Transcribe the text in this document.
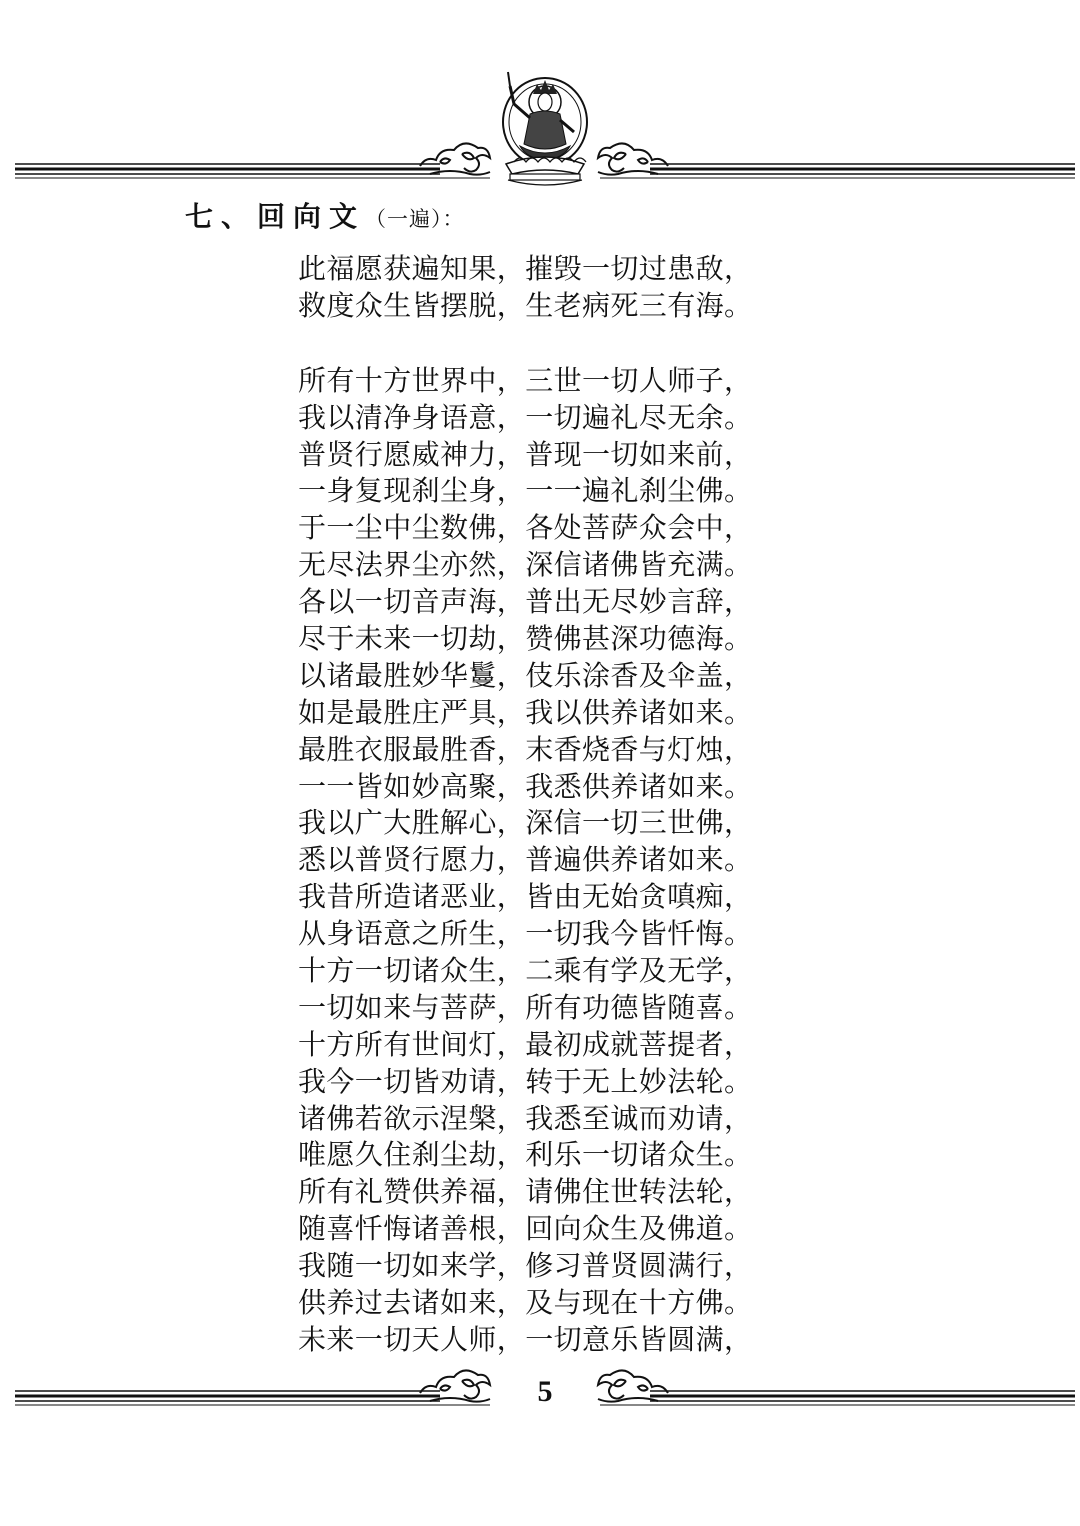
七、回向文（一遍）：
此福愿获遍知果，摧毁一切过患敌，
救度众生皆摆脱，生老病死三有海。
所有十方世界中，三世一切人师子，
我以清净身语意，一切遍礼尽无余。
普贤行愿威神力，普现一切如来前，
一身复现刹尘身，一一遍礼刹尘佛。
于一尘中尘数佛，各处菩萨众会中，
无尽法界尘亦然，深信诸佛皆充满。
各以一切音声海，普出无尽妙言辞，
尽于未来一切劫，赞佛甚深功德海。
以诸最胜妙华鬘，伎乐涂香及伞盖，
如是最胜庄严具，我以供养诸如来。
最胜衣服最胜香，末香烧香与灯烛，
一一皆如妙高聚，我悉供养诸如来。
我以广大胜解心，深信一切三世佛，
悉以普贤行愿力，普遍供养诸如来。
我昔所造诸恶业，皆由无始贪嗔痴，
从身语意之所生，一切我今皆忏悔。
十方一切诸众生，二乘有学及无学，
一切如来与菩萨，所有功德皆随喜。
十方所有世间灯，最初成就菩提者，
我今一切皆劝请，转于无上妙法轮。
诸佛若欲示涅槃，我悉至诚而劝请，
唯愿久住刹尘劫，利乐一切诸众生。
所有礼赞供养福，请佛住世转法轮，
随喜忏悔诸善根，回向众生及佛道。
我随一切如来学，修习普贤圆满行，
供养过去诸如来，及与现在十方佛。
未来一切天人师，一切意乐皆圆满，
5
